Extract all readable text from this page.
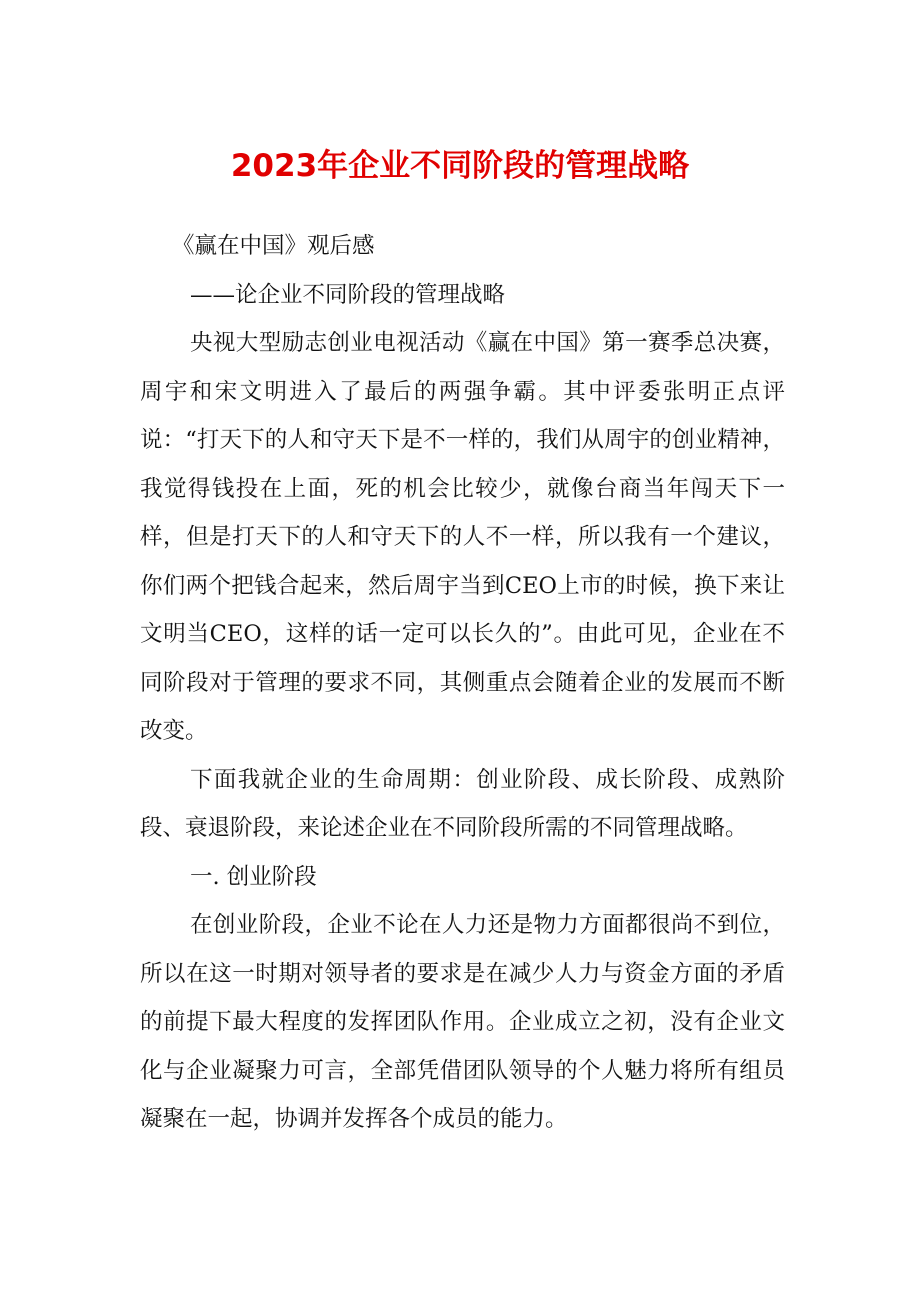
2023年企业不同阶段的管理战略

《赢在中国》观后感

——论企业不同阶段的管理战略

央视大型励志创业电视活动《赢在中国》第一赛季总决赛，周宇和宋文明进入了最后的两强争霸。其中评委张明正点评说：“打天下的人和守天下是不一样的，我们从周宇的创业精神，我觉得钱投在上面，死的机会比较少，就像台商当年闯天下一样，但是打天下的人和守天下的人不一样，所以我有一个建议，你们两个把钱合起来，然后周宇当到CEO上市的时候，换下来让文明当CEO，这样的话一定可以长久的”。由此可见，企业在不同阶段对于管理的要求不同，其侧重点会随着企业的发展而不断改变。

下面我就企业的生命周期：创业阶段、成长阶段、成熟阶段、衰退阶段，来论述企业在不同阶段所需的不同管理战略。

一. 创业阶段

在创业阶段，企业不论在人力还是物力方面都很尚不到位，所以在这一时期对领导者的要求是在减少人力与资金方面的矛盾的前提下最大程度的发挥团队作用。企业成立之初，没有企业文化与企业凝聚力可言，全部凭借团队领导的个人魅力将所有组员凝聚在一起，协调并发挥各个成员的能力。
